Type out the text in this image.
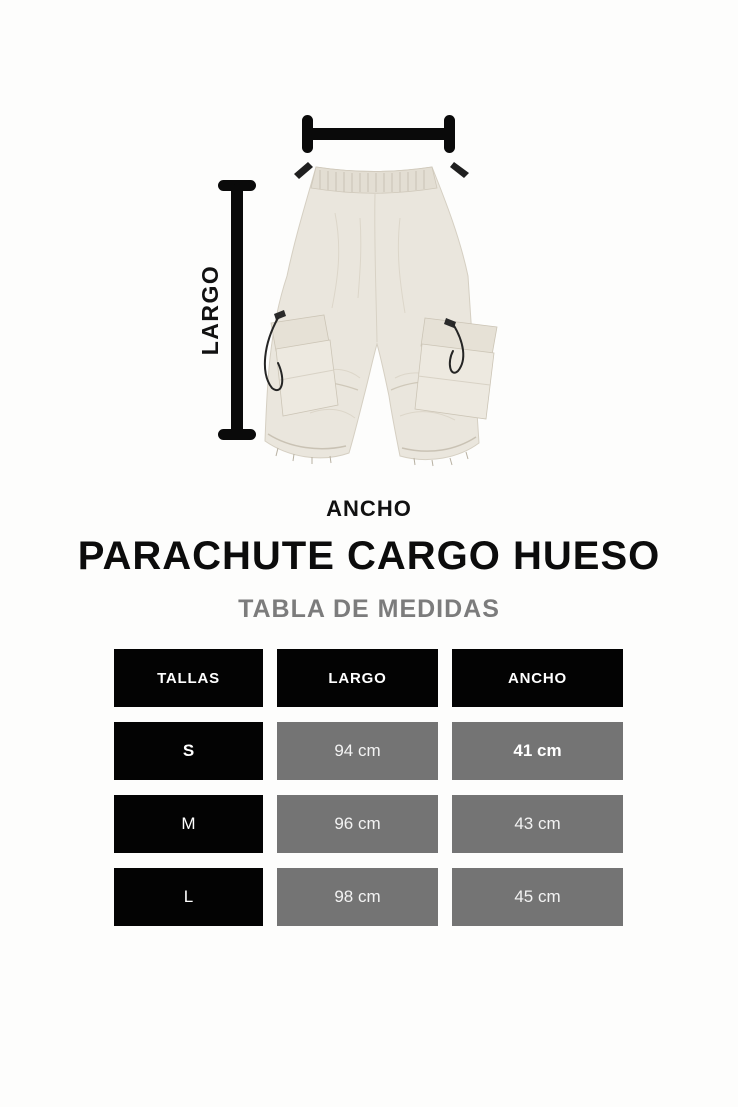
LARGO
ANCHO
PARACHUTE CARGO HUESO
TABLA DE MEDIDAS
TALLAS	LARGO	ANCHO
S	94 cm	41 cm
M	96 cm	43 cm
L	98 cm	45 cm
